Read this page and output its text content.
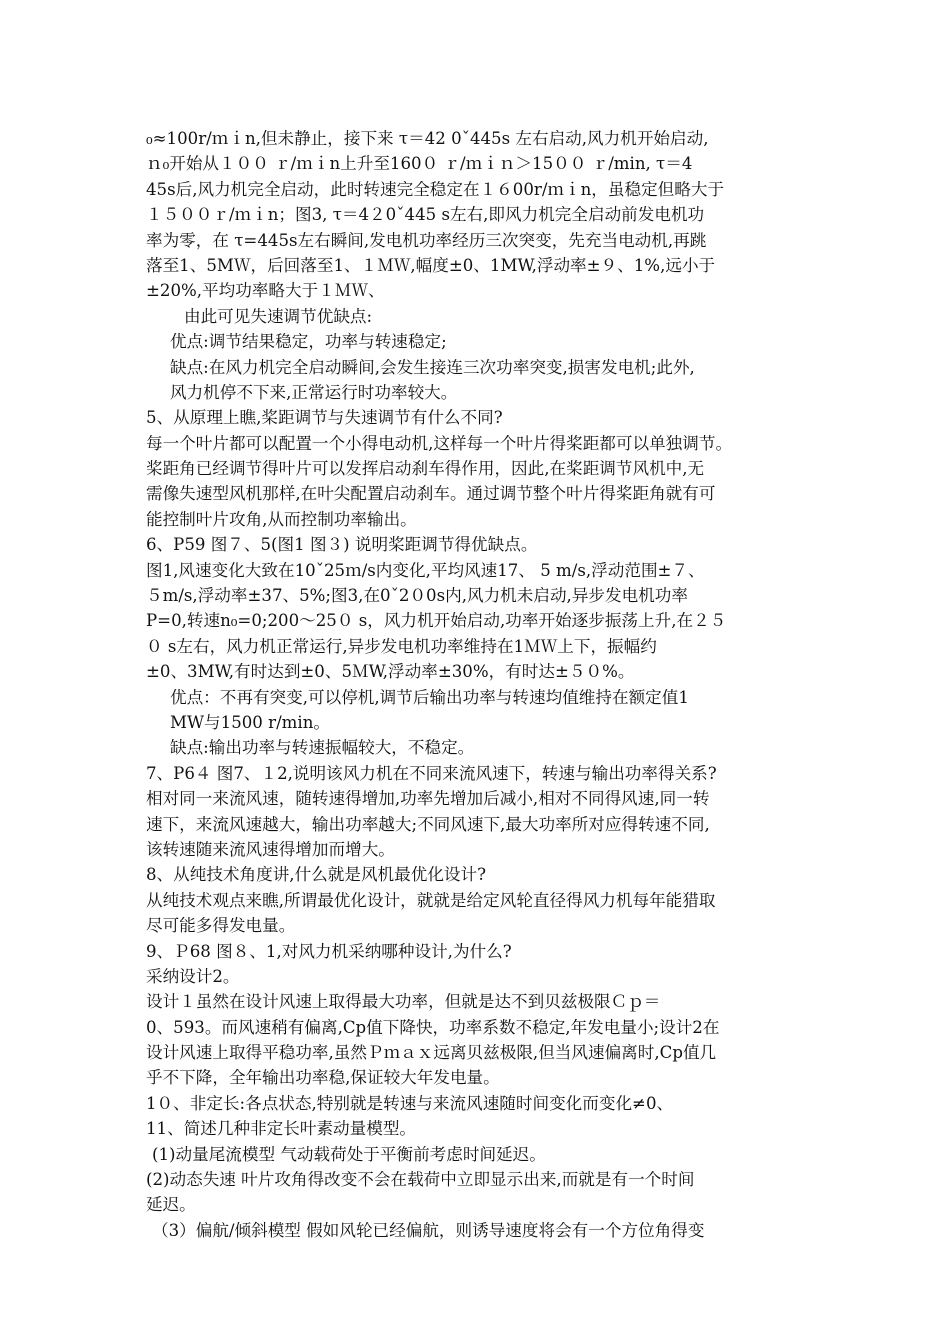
₀≈100r/ｍｉn,但未静止，接下来 τ＝42 0ˇ445s 左右启动,风力机开始启动,
ｎ₀开始从１００ ｒ/ｍｉn上升至160０ ｒ/ｍｉｎ＞15００ ｒ/min, τ＝4
45s后,风力机完全启动，此时转速完全稳定在１６00r/ｍｉn，虽稳定但略大于
１５００ｒ/ｍｉn；图3, τ＝4２0ˇ445 s左右,即风力机完全启动前发电机功
率为零，在 τ=445s左右瞬间,发电机功率经历三次突变，先充当电动机,再跳
落至1、5MＷ，后回落至1、１ＭＷ,幅度±0、1MW,浮动率±９、1%,远小于
±20%,平均功率略大于１ＭＷ、
由此可见失速调节优缺点:
优点:调节结果稳定，功率与转速稳定;
缺点:在风力机完全启动瞬间,会发生接连三次功率突变,损害发电机;此外,
风力机停不下来,正常运行时功率较大。
5、从原理上瞧,桨距调节与失速调节有什么不同?
每一个叶片都可以配置一个小得电动机,这样每一个叶片得桨距都可以单独调节。
桨距角已经调节得叶片可以发挥启动刹车得作用，因此,在桨距调节风机中,无
需像失速型风机那样,在叶尖配置启动刹车。通过调节整个叶片得桨距角就有可
能控制叶片攻角,从而控制功率输出。
6、P59 图７、5(图1 图３) 说明桨距调节得优缺点。
图1,风速变化大致在10ˇ25ｍ/s内变化,平均风速17、 5 m/s,浮动范围±７、
５m/s,浮动率±37、5%;图3,在0ˇ2０0s内,风力机未启动,异步发电机功率
P=0,转速n₀=0;200～25０ s，风力机开始启动,功率开始逐步振荡上升,在２５
０ s左右，风力机正常运行,异步发电机功率维持在1ＭＷ上下，振幅约
±0、3MW,有时达到±0、5ＭW,浮动率±30%，有时达±５０%。
优点：不再有突变,可以停机,调节后输出功率与转速均值维持在额定值1
MW与1500 r/min。
缺点:输出功率与转速振幅较大，不稳定。
7、P6４ 图7、１2,说明该风力机在不同来流风速下，转速与输出功率得关系?
相对同一来流风速，随转速得增加,功率先增加后减小,相对不同得风速,同一转
速下，来流风速越大，输出功率越大;不同风速下,最大功率所对应得转速不同,
该转速随来流风速得增加而增大。
8、从纯技术角度讲,什么就是风机最优化设计?
从纯技术观点来瞧,所谓最优化设计，就就是给定风轮直径得风力机每年能猎取
尽可能多得发电量。
9、Ｐ68 图８、1,对风力机采纳哪种设计,为什么?
采纳设计2。
设计１虽然在设计风速上取得最大功率，但就是达不到贝兹极限Ｃｐ＝
0、593。而风速稍有偏离,Cp值下降快，功率系数不稳定,年发电量小;设计2在
设计风速上取得平稳功率,虽然Ｐｍａｘ远离贝兹极限,但当风速偏离时,Cp值几
乎不下降，全年输出功率稳,保证较大年发电量。
1０、非定长:各点状态,特别就是转速与来流风速随时间变化而变化≠0、
11、简述几种非定长叶素动量模型。
(1)动量尾流模型 气动载荷处于平衡前考虑时间延迟。
(2)动态失速 叶片攻角得改变不会在载荷中立即显示出来,而就是有一个时间
延迟。
（3）偏航/倾斜模型 假如风轮已经偏航，则诱导速度将会有一个方位角得变
